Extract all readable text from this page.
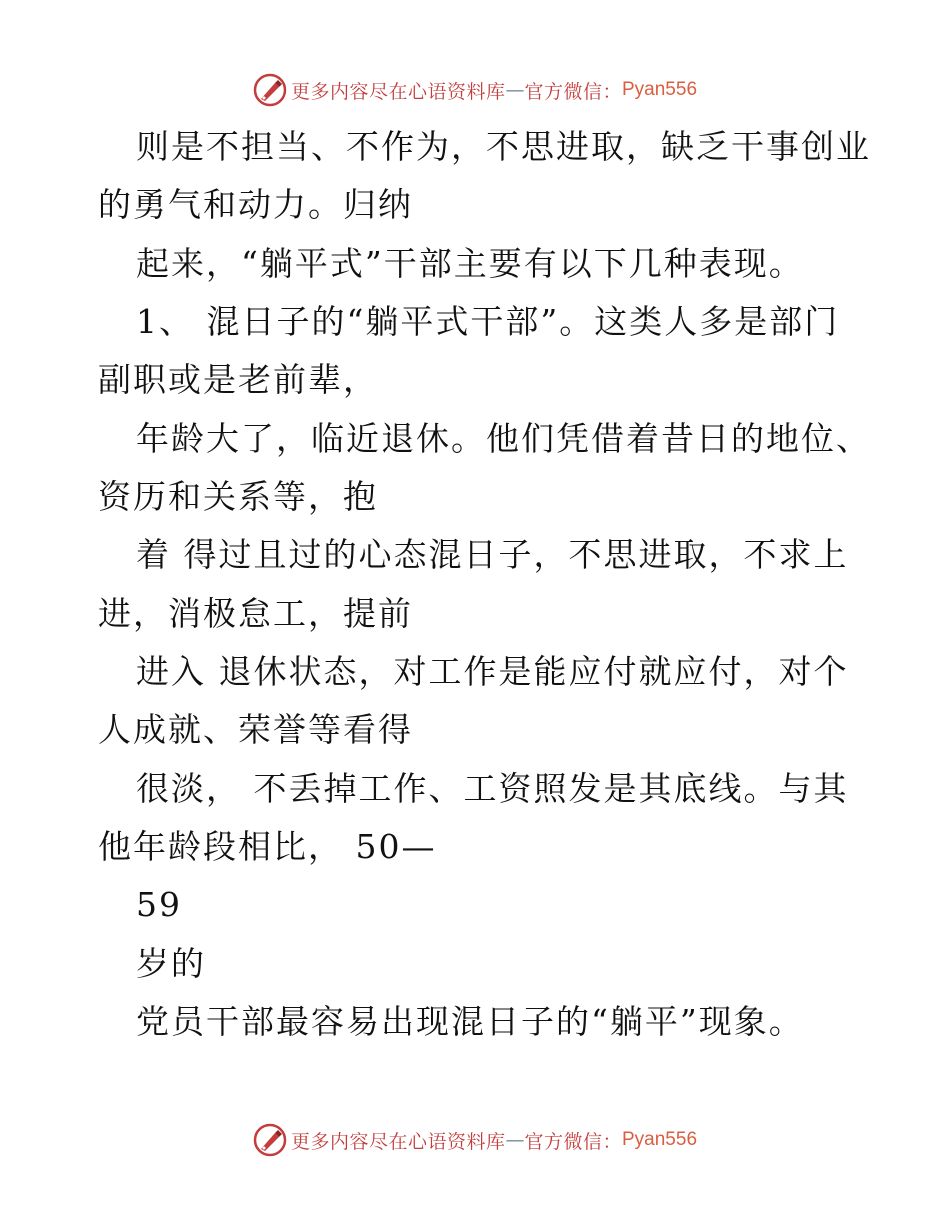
更多内容尽在心语资料库 — 官方微信： Pyan556
则是不担当、不作为，不思进取，缺乏干事创业
的勇气和动力。归纳
起来，“躺平式”干部主要有以下几种表现。
1、 混日子的“躺平式干部”。这类人多是部门
副职或是老前辈，
年龄大了，临近退休。他们凭借着昔日的地位、
资历和关系等，抱
着 得过且过的心态混日子，不思进取，不求上
进，消极怠工，提前
进入 退休状态，对工作是能应付就应付，对个
人成就、荣誉等看得
很淡， 不丢掉工作、工资照发是其底线。与其
他年龄段相比， 50—
59
岁的
党员干部最容易出现混日子的“躺平”现象。
更多内容尽在心语资料库 — 官方微信： Pyan556
